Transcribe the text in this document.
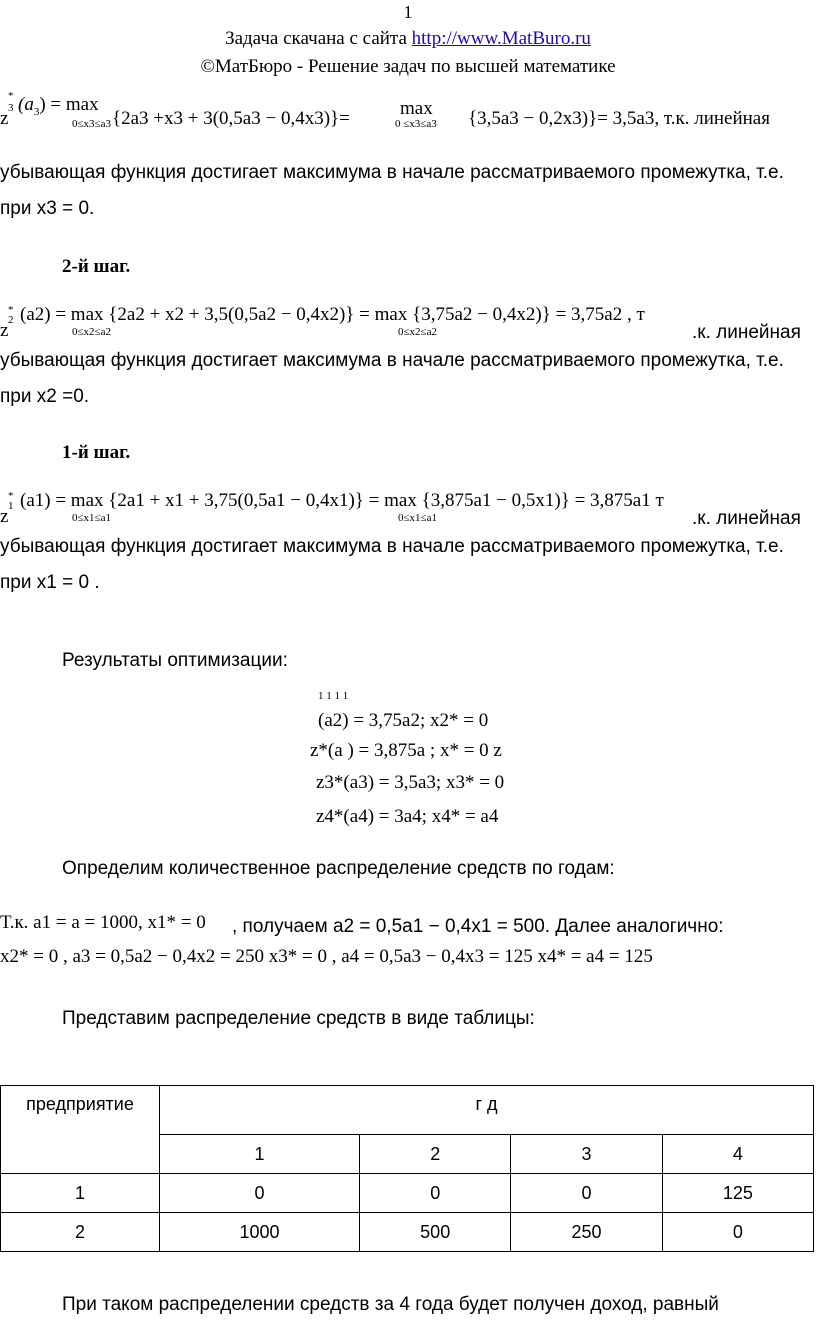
1
Задача скачана с сайта http://www.MatBuro.ru
©МатБюро - Решение задач по высшей математике
*
3
z
$(a_3) = \max$
0≤x3≤a3 {2a3 +x3 + 3(0,5a3 − 0,4x3)}=	max
0 ≤x3≤a3 {3,5a3 − 0,2x3)}= 3,5a3, т.к. линейная
убывающая функция достигает максимума в начале рассматриваемого промежутка, т.е.
при x3 = 0.
2-й шаг.
*
2
z
(a2) = max {2a2 + x2 + 3,5(0,5a2 − 0,4x2)} = max {3,75a2 − 0,4x2)} = 3,75a2 , т
0≤x2≤a2	0≤x2≤a2	.к. линейная
убывающая функция достигает максимума в начале рассматриваемого промежутка, т.е.
при x2 =0.
1-й шаг.
*
1
z
(a1) = max {2a1 + x1 + 3,75(0,5a1 − 0,4x1)} = max {3,875a1 − 0,5x1)} = 3,875a1 т
0≤x1≤a1	0≤x1≤a1	.к. линейная
убывающая функция достигает максимума в начале рассматриваемого промежутка, т.е.
при x1 = 0 .
Результаты оптимизации:
1 1 1 1
(a2) = 3,75a2; x2* = 0
z*(a ) = 3,875a ; x* = 0 z
z3*(a3) = 3,5a3; x3* = 0
z4*(a4) = 3a4; x4* = a4
Определим количественное распределение средств по годам:
Т.к. a1 = a = 1000, x1* = 0 , получаем a2 = 0,5a1 − 0,4x1 = 500. Далее аналогично:
x2* = 0 , a3 = 0,5a2 − 0,4x2 = 250 x3* = 0 , a4 = 0,5a3 − 0,4x3 = 125 x4* = a4 = 125
Представим распределение средств в виде таблицы:
предприятие	г д			
	1	2	3	4
1	0	0	0	125
2	1000	500	250	0
При таком распределении средств за 4 года будет получен доход, равный
